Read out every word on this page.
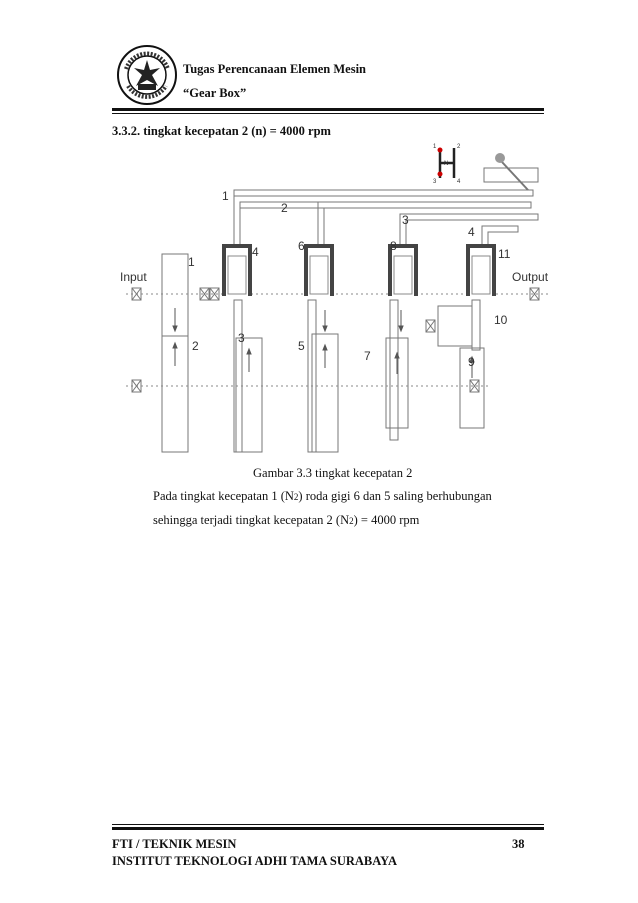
Tugas Perencanaan Elemen Mesin
“Gear Box”
3.3.2. tingkat kecepatan 2 (n) = 4000 rpm
Input	Output
1	2
N
3	4
1
2
3
4
1
2
3
4
5
6
7
8
9
10
11
Gambar 3.3 tingkat kecepatan 2
Pada tingkat kecepatan 1 (N2) roda gigi 6 dan 5 saling berhubungan
sehingga terjadi tingkat kecepatan 2 (N2) = 4000 rpm
FTI / TEKNIK MESIN	38
INSTITUT TEKNOLOGI ADHI TAMA SURABAYA
